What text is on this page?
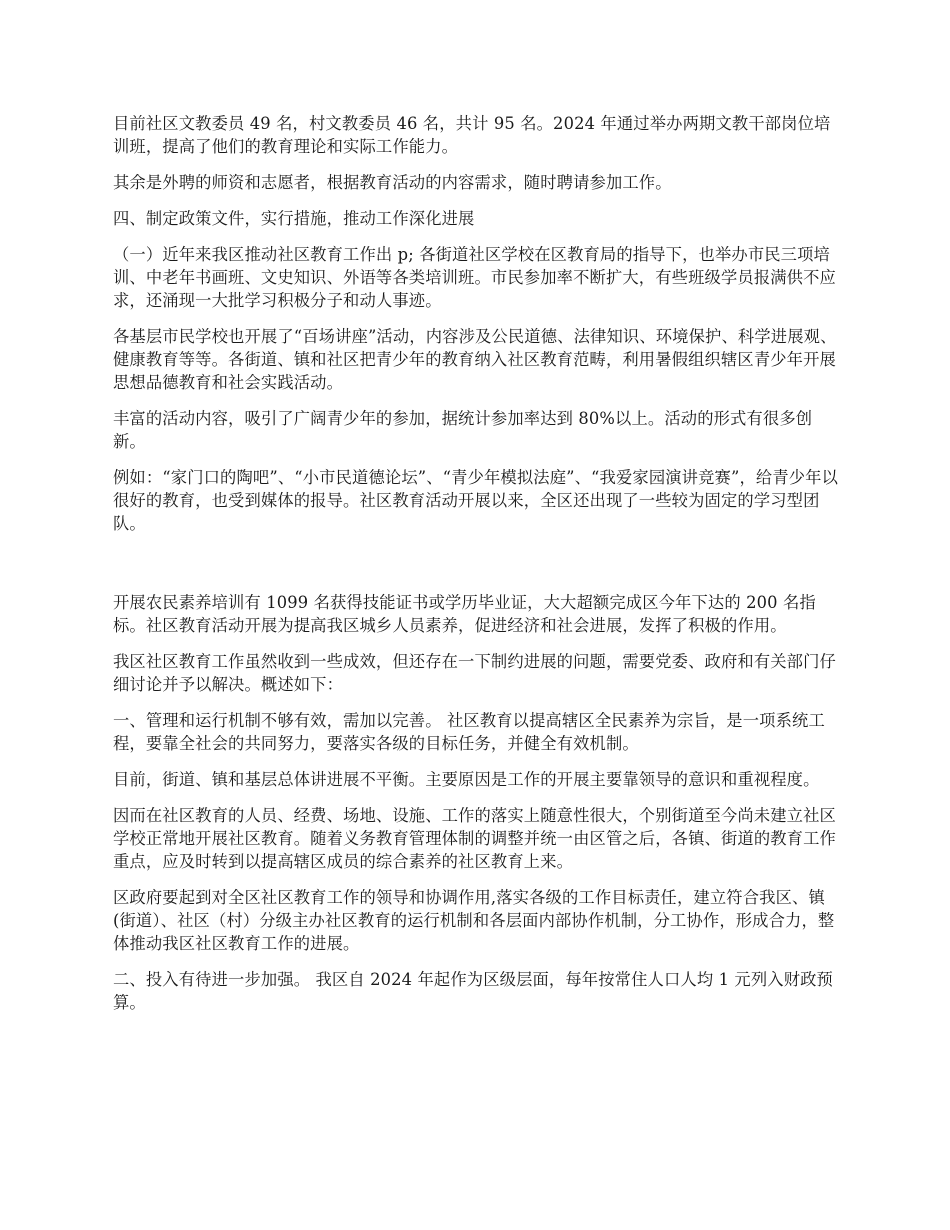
目前社区文教委员 49 名，村文教委员 46 名，共计 95 名。2024 年通过举办两期文教干部岗位培训班，提高了他们的教育理论和实际工作能力。

其余是外聘的师资和志愿者，根据教育活动的内容需求，随时聘请参加工作。

四、制定政策文件，实行措施，推动工作深化进展

（一）近年来我区推动社区教育工作出 p; 各街道社区学校在区教育局的指导下，也举办市民三项培训、中老年书画班、文史知识、外语等各类培训班。市民参加率不断扩大，有些班级学员报满供不应求，还涌现一大批学习积极分子和动人事迹。

各基层市民学校也开展了“百场讲座”活动，内容涉及公民道德、法律知识、环境保护、科学进展观、健康教育等等。各街道、镇和社区把青少年的教育纳入社区教育范畴，利用暑假组织辖区青少年开展思想品德教育和社会实践活动。

丰富的活动内容，吸引了广阔青少年的参加，据统计参加率达到 80%以上。活动的形式有很多创新。

例如：“家门口的陶吧”、“小市民道德论坛”、“青少年模拟法庭”、“我爱家园演讲竞赛”，给青少年以很好的教育，也受到媒体的报导。社区教育活动开展以来，全区还出现了一些较为固定的学习型团队。

开展农民素养培训有 1099 名获得技能证书或学历毕业证，大大超额完成区今年下达的 200 名指标。社区教育活动开展为提高我区城乡人员素养，促进经济和社会进展，发挥了积极的作用。

我区社区教育工作虽然收到一些成效，但还存在一下制约进展的问题，需要党委、政府和有关部门仔细讨论并予以解决。概述如下：

一、管理和运行机制不够有效，需加以完善。 社区教育以提高辖区全民素养为宗旨，是一项系统工程，要靠全社会的共同努力，要落实各级的目标任务，并健全有效机制。

目前，街道、镇和基层总体讲进展不平衡。主要原因是工作的开展主要靠领导的意识和重视程度。

因而在社区教育的人员、经费、场地、设施、工作的落实上随意性很大，个别街道至今尚未建立社区学校正常地开展社区教育。随着义务教育管理体制的调整并统一由区管之后，各镇、街道的教育工作重点，应及时转到以提高辖区成员的综合素养的社区教育上来。

区政府要起到对全区社区教育工作的领导和协调作用,落实各级的工作目标责任，建立符合我区、镇(街道）、社区（村）分级主办社区教育的运行机制和各层面内部协作机制，分工协作，形成合力，整体推动我区社区教育工作的进展。

二、投入有待进一步加强。 我区自 2024 年起作为区级层面，每年按常住人口人均 1 元列入财政预算。
